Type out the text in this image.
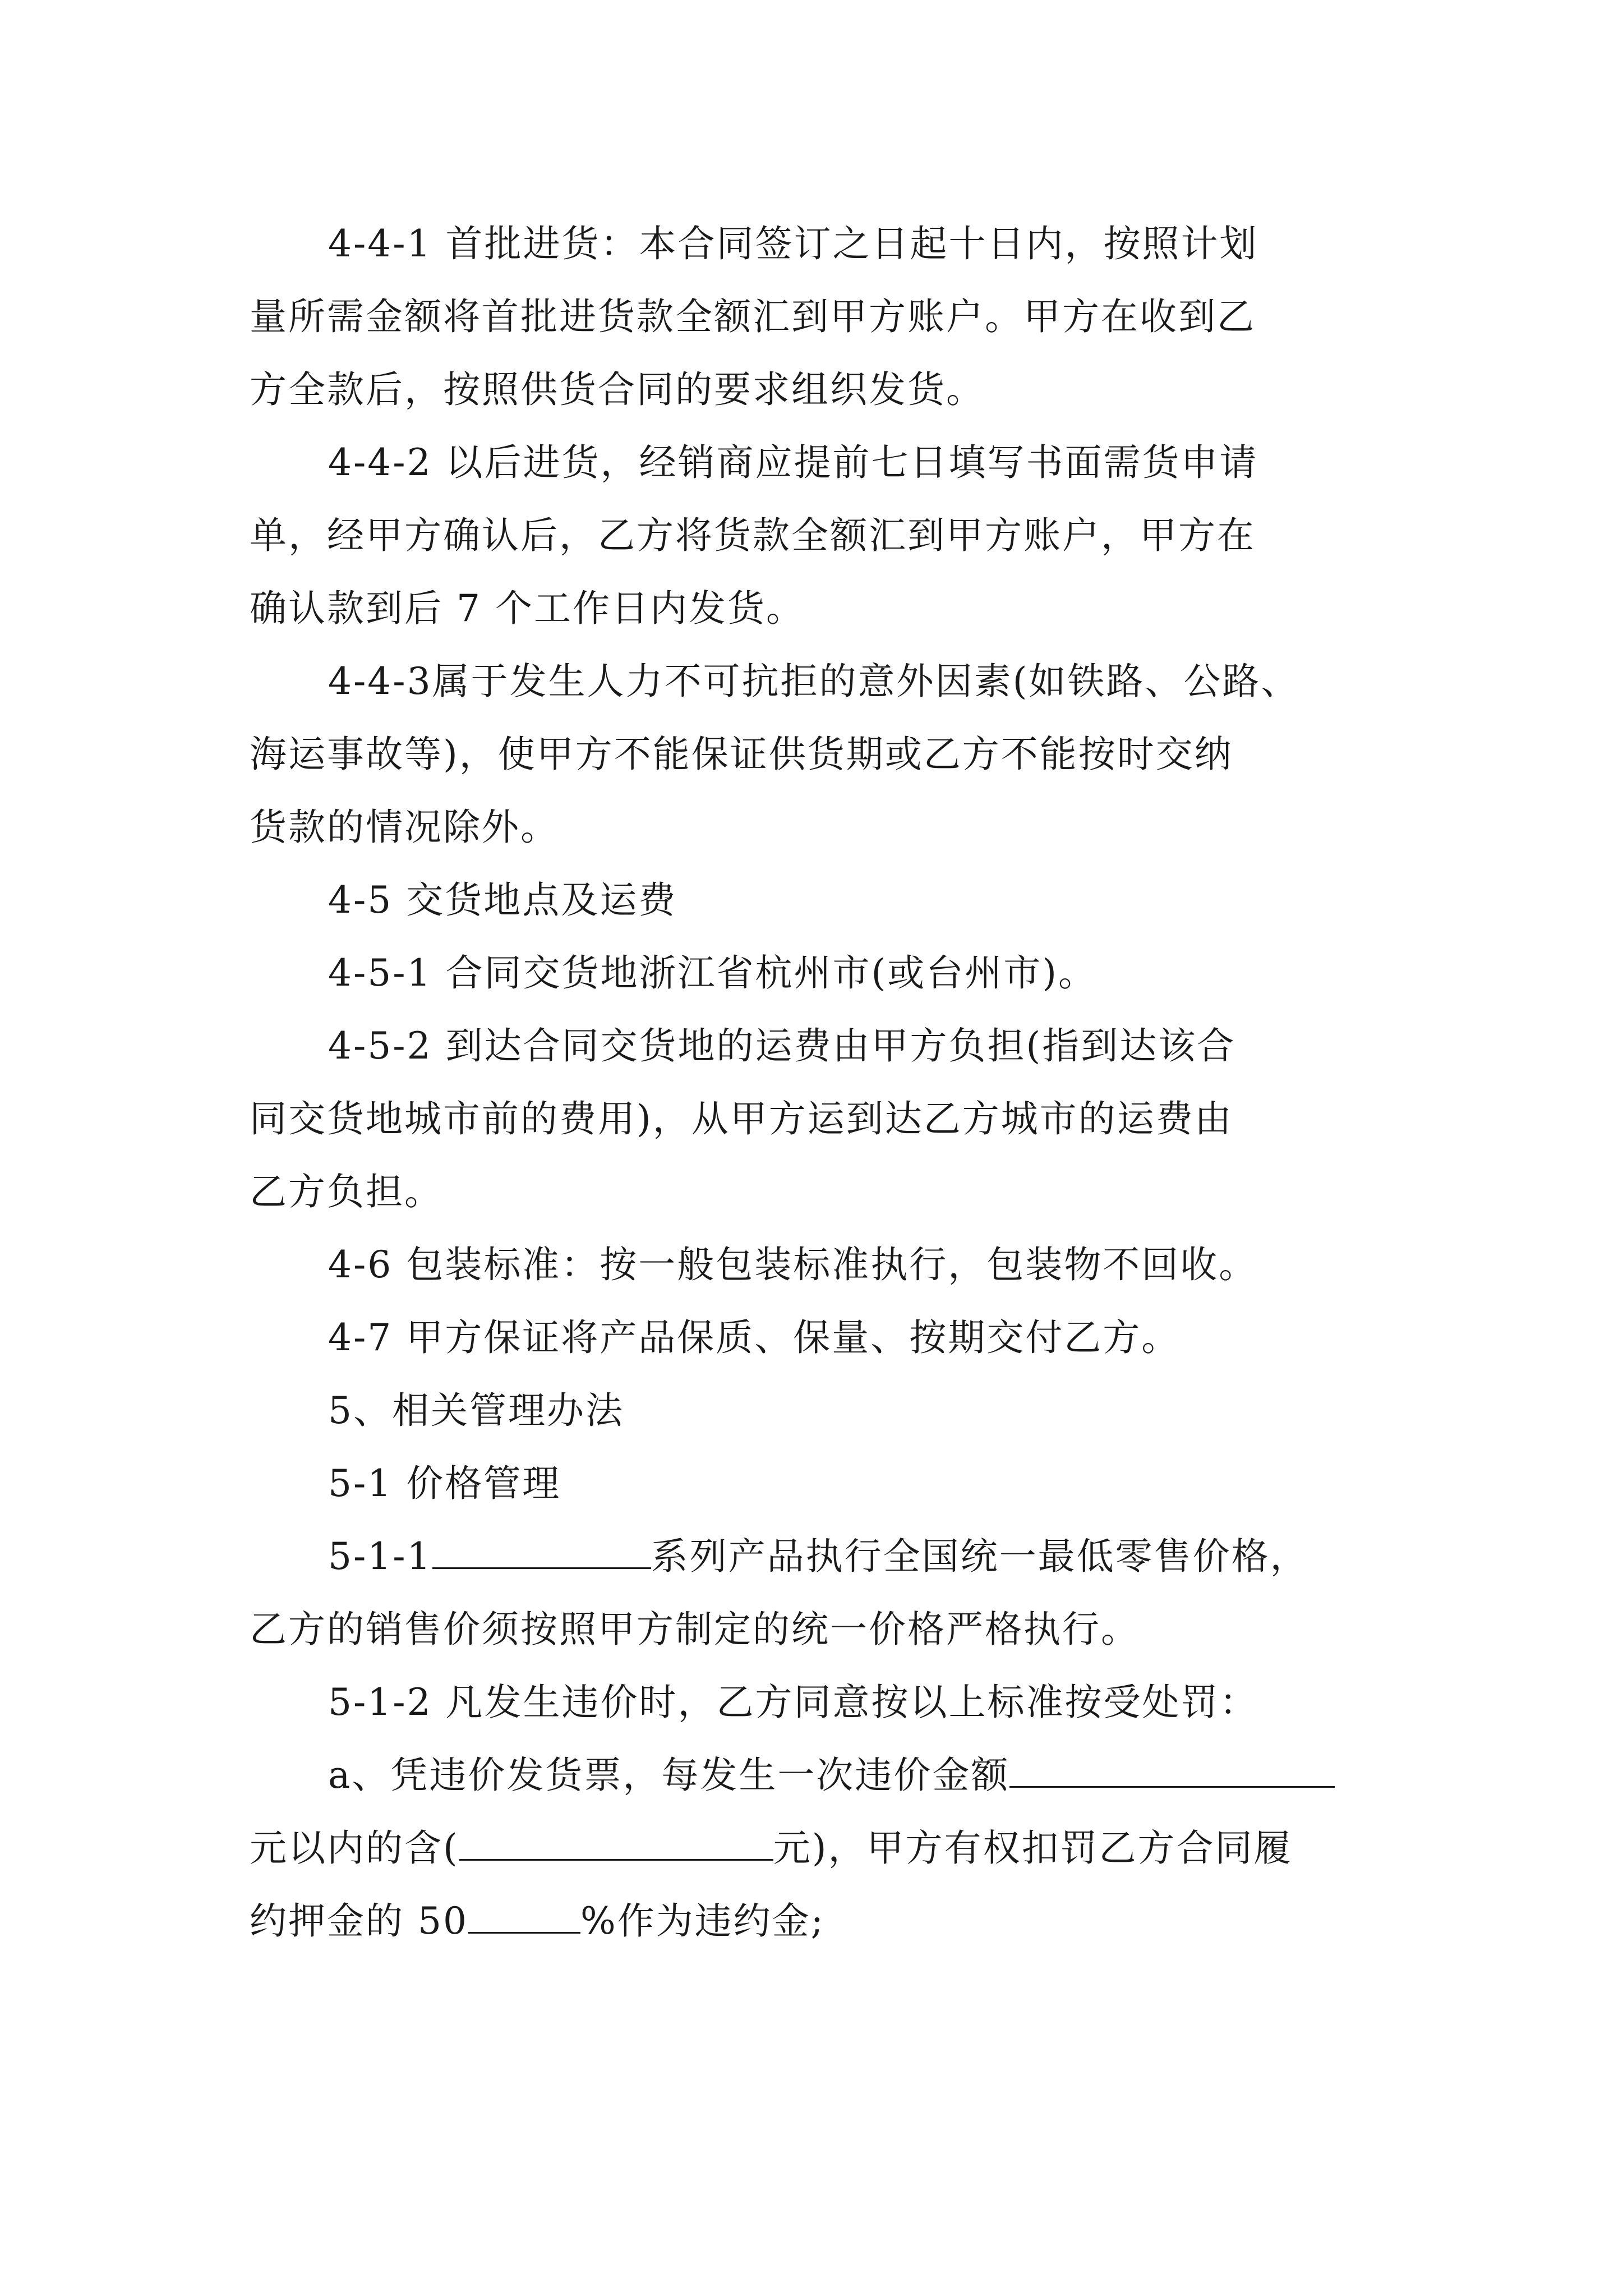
4-4-1 首批进货：本合同签订之日起十日内，按照计划
量所需金额将首批进货款全额汇到甲方账户。甲方在收到乙
方全款后，按照供货合同的要求组织发货。
4-4-2 以后进货，经销商应提前七日填写书面需货申请
单，经甲方确认后，乙方将货款全额汇到甲方账户，甲方在
确认款到后 7 个工作日内发货。
4-4-3属于发生人力不可抗拒的意外因素(如铁路、公路、
海运事故等)，使甲方不能保证供货期或乙方不能按时交纳
货款的情况除外。
4-5 交货地点及运费
4-5-1 合同交货地浙江省杭州市(或台州市)。
4-5-2 到达合同交货地的运费由甲方负担(指到达该合
同交货地城市前的费用)，从甲方运到达乙方城市的运费由
乙方负担。
4-6 包装标准：按一般包装标准执行，包装物不回收。
4-7 甲方保证将产品保质、保量、按期交付乙方。
5、相关管理办法
5-1 价格管理
5-1-1	系列产品执行全国统一最低零售价格，
乙方的销售价须按照甲方制定的统一价格严格执行。
5-1-2 凡发生违价时，乙方同意按以上标准按受处罚：
a、凭违价发货票，每发生一次违价金额
元以内的含(	元)，甲方有权扣罚乙方合同履
约押金的 50	%作为违约金;
